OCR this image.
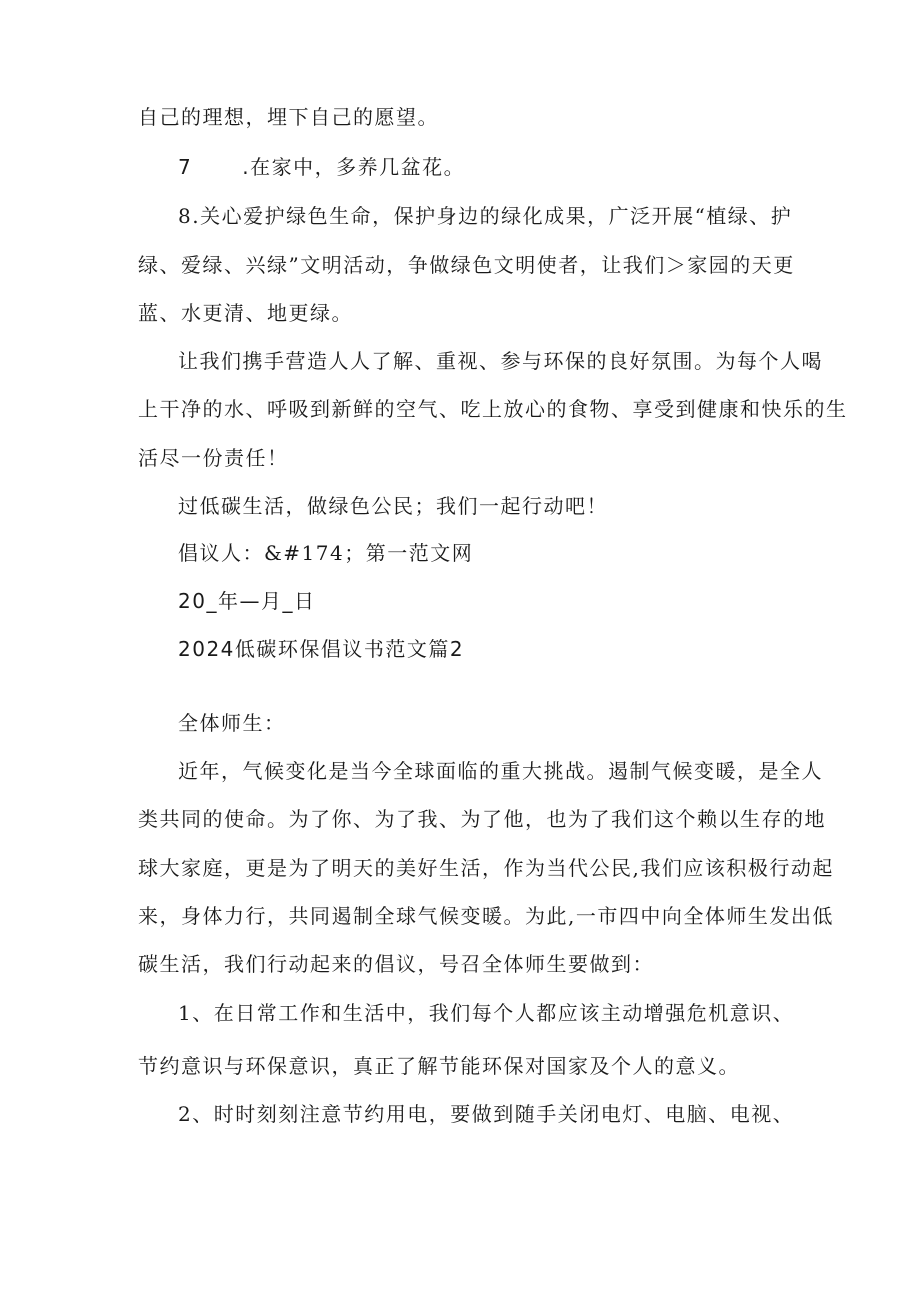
自己的理想，埋下自己的愿望。
7	.在家中，多养几盆花。
8.关心爱护绿色生命，保护身边的绿化成果，广泛开展“植绿、护
绿、爱绿、兴绿”文明活动，争做绿色文明使者，让我们＞家园的天更
蓝、水更清、地更绿。
让我们携手营造人人了解、重视、参与环保的良好氛围。为每个人喝
上干净的水、呼吸到新鲜的空气、吃上放心的食物、享受到健康和快乐的生
活尽一份责任！
过低碳生活，做绿色公民；我们一起行动吧！
倡议人：&#174；第一范文网
20_年—月_日
2024低碳环保倡议书范文篇2
全体师生：
近年，气候变化是当今全球面临的重大挑战。遏制气候变暖，是全人
类共同的使命。为了你、为了我、为了他，也为了我们这个赖以生存的地
球大家庭，更是为了明天的美好生活，作为当代公民,我们应该积极行动起
来，身体力行，共同遏制全球气候变暖。为此,一市四中向全体师生发出低
碳生活，我们行动起来的倡议，号召全体师生要做到：
1、在日常工作和生活中，我们每个人都应该主动增强危机意识、
节约意识与环保意识，真正了解节能环保对国家及个人的意义。
2、时时刻刻注意节约用电，要做到随手关闭电灯、电脑、电视、
